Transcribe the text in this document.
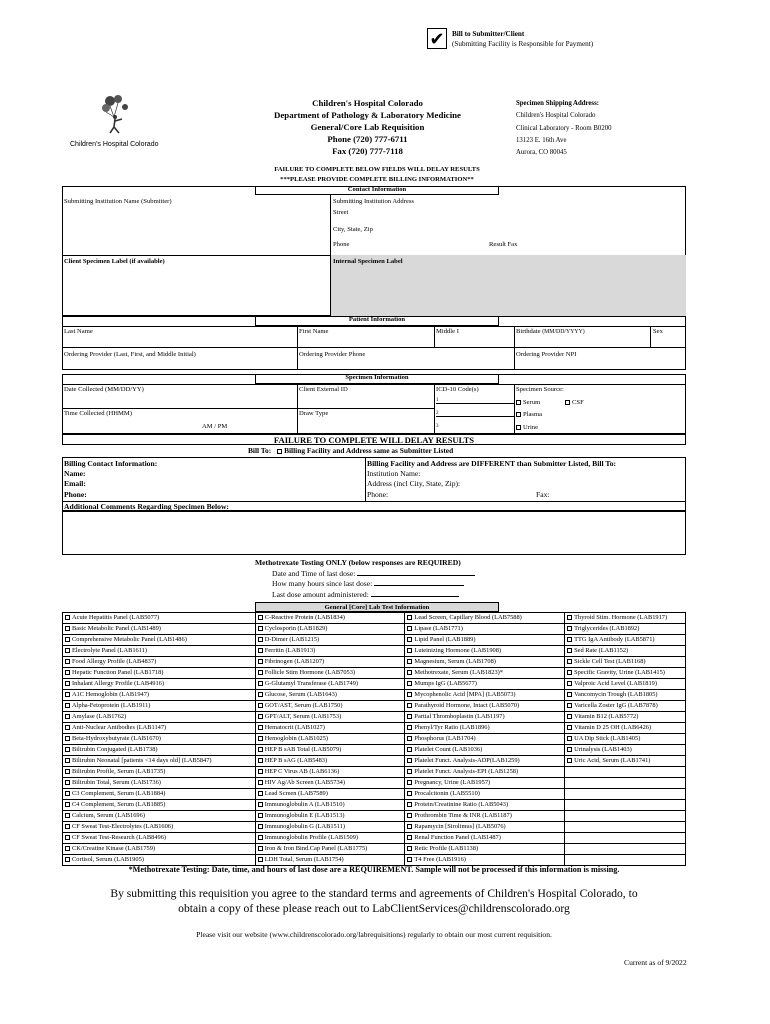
✔	Bill to Submitter/Client
(Submitting Facility is Responsible for Payment)
Children's Hospital Colorado
Children's Hospital Colorado
Department of Pathology & Laboratory Medicine
General/Core Lab Requisition
Phone (720) 777-6711
Fax (720) 777-7118
Specimen Shipping Address:
Children's Hospital Colorado
Clinical Laboratory - Room B0200
13123 E. 16th Ave
Aurora, CO 80045
FAILURE TO COMPLETE BELOW FIELDS WILL DELAY RESULTS
***PLEASE PROVIDE COMPLETE BILLING INFORMATION**
Contact Information
Submitting Institution Name (Submitter)	Submitting Institution Address
Street
City, State, Zip
Phone	Result Fax
Client Specimen Label (if available)	Internal Specimen Label
Patient Information
Last Name	First Name	Middle I	Birthdate (MM/DD/YYYY)	Sex
Ordering Provider (Last, First, and Middle Initial)	Ordering Provider Phone	Ordering Provider NPI
Specimen Information
Date Collected (MM/DD/YY)	Client External ID	ICD-10 Code(s)
1
2
3
Specimen Source:
Serum	CSF
Plasma
Urine
Time Collected (HHMM)	Draw Type
AM / PM
FAILURE TO COMPLETE WILL DELAY RESULTS
Bill To: Billing Facility and Address same as Submitter Listed
Billing Contact Information:
Name:
Email:
Phone:
Billing Facility and Address are DIFFERENT than Submitter Listed, Bill To:
Institution Name:
Address (incl City, State, Zip):
Phone:	Fax:
Additional Comments Regarding Specimen Below:
Methotrexate Testing ONLY (below responses are REQUIRED)
Date and Time of last dose:
How many hours since last dose:
Last dose amount administered:
General [Core] Lab Test Information
Acute Hepatitis Panel (LAB5077)	C-Reactive Protein (LAB1834)	Lead Screen, Capillary Blood (LAB7588)	Thyroid Stim. Hormone (LAB1917)
Basic Metabolic Panel (LAB1489)	Cyclosporin (LAB1829)	Lipase (LAB1771)	Triglycerides (LAB1892)
Comprehensive Metabolic Panel (LAB1486)	D-Dimer (LAB1215)	Lipid Panel (LAB1889)	TTG IgA Antibody (LAB5871)
Electrolyte Panel (LAB1611)	Ferritin (LAB1913)	Luteinizing Hormone (LAB1908)	Sed Rate (LAB1152)
Food Allergy Profile (LAB4837)	Fibrinogen (LAB1207)	Magnesium, Serum (LAB1708)	Sickle Cell Test (LAB1168)
Hepatic Function Panel (LAB1718)	Follicle Stim Hormone (LAB7053)	Methotrexate, Serum (LAB1823)*	Specific Gravity, Urine (LAB1415)
Inhalant Allergy Profile (LAB4916)	G-Glutamyl Transferase (LAB1749)	Mumps IgG (LAB5677)	Valproic Acid Level (LAB1819)
A1C Hemoglobin (LAB1947)	Glucose, Serum (LAB1643)	Mycophenolic Acid [MPA] (LAB5073)	Vancomycin Trough (LAB1805)
Alpha-Fetoprotein (LAB1911)	GOT/AST, Serum (LAB1750)	Parathyroid Hormone, Intact (LAB5070)	Varicella Zoster IgG (LAB7878)
Amylase (LAB1762)	GPT/ALT, Serum (LAB1753)	Partial Thromboplastin (LAB1197)	Vitamin B12 (LAB5772)
Anti-Nuclear Antibodies (LAB1147)	Hematocrit (LAB1027)	Phenyl/Tyr Ratio (LAB1896)	Vitamin D 25 OH (LAB6426)
Beta-Hydroxybutyrate (LAB1670)	Hemoglobin (LAB1025)	Phosphorus (LAB1704)	UA Dip Stick (LAB1405)
Bilirubin Conjugated (LAB1738)	HEP B sAB Total (LAB5079)	Platelet Count (LAB1036)	Urinalysis (LAB1403)
Bilirubin Neonatal [patients <14 days old] (LAB5847)	HEP B sAG (LAB5483)	Platelet Funct. Analysis-ADP(LAB1259)	Uric Acid, Serum (LAB1741)
Bilirubin Profile, Serum (LAB1735)	HEP C Virus AB (LAB6136)	Platelet Funct. Analysis-EPI (LAB1258)	
Bilirubin Total, Serum (LAB1736)	HIV Ag/Ab Screen (LAB5734)	Pregnancy, Urine (LAB1957)	
C3 Complement, Serum (LAB1884)	Lead Screen (LAB7589)	Procalcitonin (LAB5510)	
C4 Complement, Serum (LAB1885)	Immunoglobulin A (LAB1510)	Protein/Creatinine Ratio (LAB5043)	
Calcium, Serum (LAB1696)	Immunoglobulin E (LAB1513)	Prothrombin Time & INR (LAB1187)	
CF Sweat Test-Electrolytes (LAB1606)	Immunoglobulin G (LAB1511)	Rapamycin [Sirolimus] (LAB5076)	
CF Sweat Test-Research (LAB8496)	Immunoglobulin Profile (LAB1509)	Renal Function Panel (LAB1487)	
CK/Creatine Kinase (LAB1759)	Iron & Iron Bind.Cap Panel (LAB1775)	Retic Profile (LAB1138)	
Cortisol, Serum (LAB1905)	LDH Total, Serum (LAB1754)	T4 Free (LAB1916)	
*Methotrexate Testing: Date, time, and hours of last dose are a REQUIREMENT. Sample will not be processed if this information is missing.
By submitting this requisition you agree to the standard terms and agreements of Children's Hospital Colorado, to
obtain a copy of these please reach out to LabClientServices@childrenscolorado.org
Please visit our website (www.childrenscolorado.org/labrequisitions) regularly to obtain our most current requisition.
Current as of 9/2022
